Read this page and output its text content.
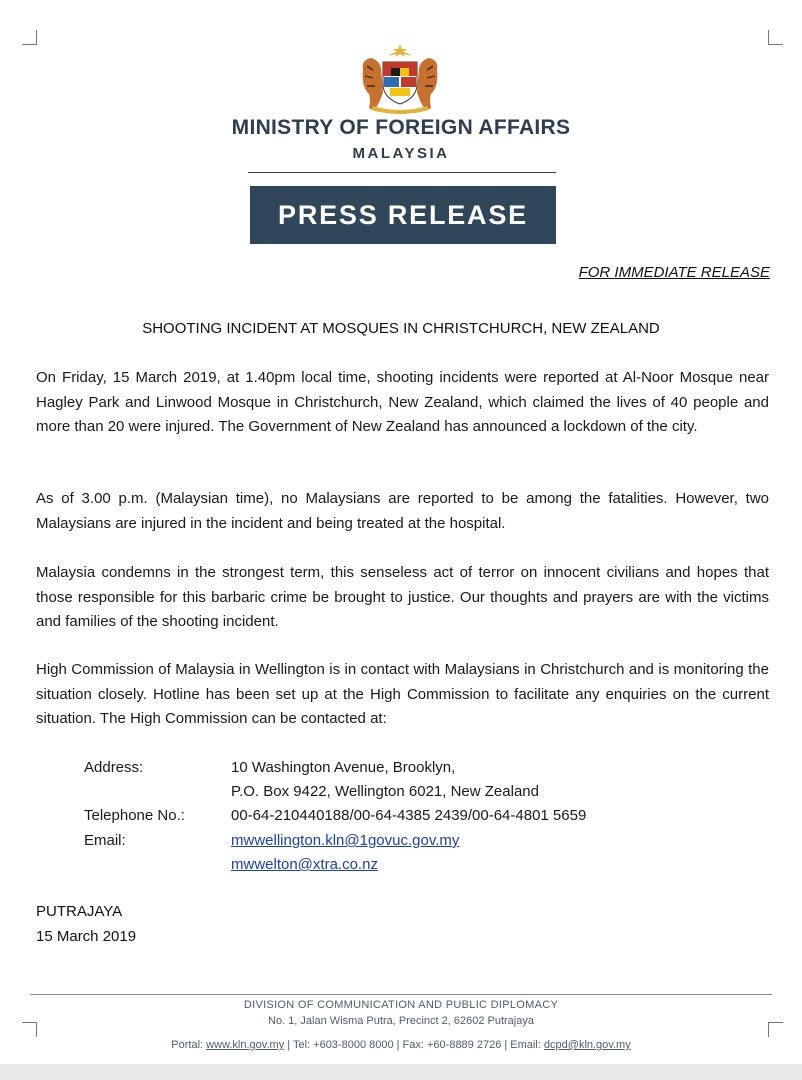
MINISTRY OF FOREIGN AFFAIRS
MALAYSIA
PRESS RELEASE
FOR IMMEDIATE RELEASE
SHOOTING INCIDENT AT MOSQUES IN CHRISTCHURCH, NEW ZEALAND
On Friday, 15 March 2019, at 1.40pm local time, shooting incidents were reported at Al-Noor Mosque near Hagley Park and Linwood Mosque in Christchurch, New Zealand, which claimed the lives of 40 people and more than 20 were injured. The Government of New Zealand has announced a lockdown of the city.
As of 3.00 p.m. (Malaysian time), no Malaysians are reported to be among the fatalities. However, two Malaysians are injured in the incident and being treated at the hospital.
Malaysia condemns in the strongest term, this senseless act of terror on innocent civilians and hopes that those responsible for this barbaric crime be brought to justice. Our thoughts and prayers are with the victims and families of the shooting incident.
High Commission of Malaysia in Wellington is in contact with Malaysians in Christchurch and is monitoring the situation closely. Hotline has been set up at the High Commission to facilitate any enquiries on the current situation. The High Commission can be contacted at:
Address:	10 Washington Avenue, Brooklyn,
P.O. Box 9422, Wellington 6021, New Zealand
Telephone No.:	00-64-210440188/00-64-4385 2439/00-64-4801 5659
Email:	mwwellington.kln@1govuc.gov.my
mwwelton@xtra.co.nz
PUTRAJAYA
15 March 2019
DIVISION OF COMMUNICATION AND PUBLIC DIPLOMACY
No. 1, Jalan Wisma Putra, Precinct 2, 62602 Putrajaya
Portal: www.kln.gov.my | Tel: +603-8000 8000 | Fax: +60-8889 2726 | Email: dcpd@kln.gov.my
